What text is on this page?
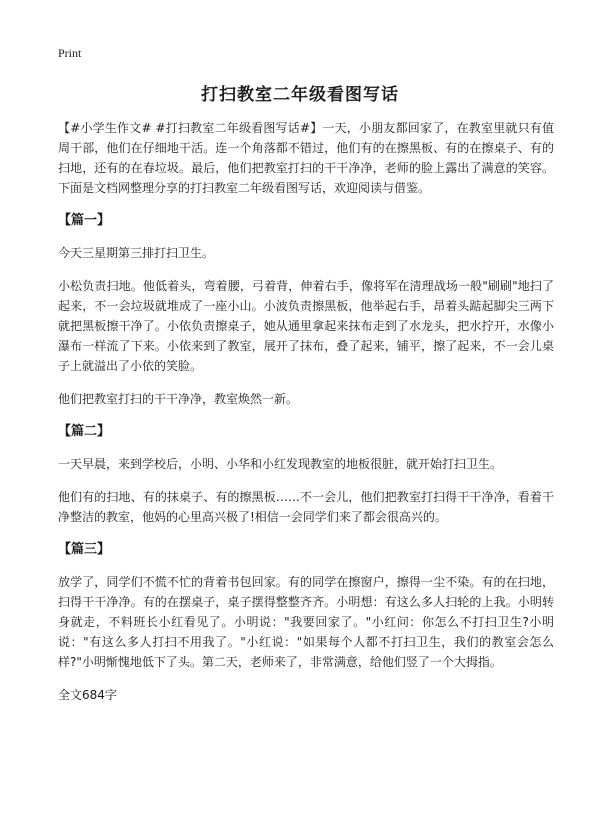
Print
打扫教室二年级看图写话

【#小学生作文# #打扫教室二年级看图写话#】一天，小朋友都回家了，在教室里就只有值周干部，他们在仔细地干活。连一个角落都不错过，他们有的在擦黑板、有的在擦桌子、有的扫地，还有的在春垃圾。最后，他们把教室打扫的干干净净，老师的脸上露出了满意的笑容。下面是文档网整理分享的打扫教室二年级看图写话，欢迎阅读与借鉴。

【篇一】

今天三星期第三排打扫卫生。

小松负责扫地。他低着头，弯着腰，弓着背，伸着右手，像将军在清理战场一般"刷刷"地扫了起来，不一会垃圾就堆成了一座小山。小波负责擦黑板，他举起右手，昂着头踮起脚尖三两下就把黑板擦干净了。小依负责擦桌子，她从通里拿起来抹布走到了水龙头，把水拧开，水像小瀑布一样流了下来。小依来到了教室，展开了抹布，叠了起来，铺平，擦了起来，不一会儿桌子上就溢出了小依的笑脸。

他们把教室打扫的干干净净，教室焕然一新。

【篇二】

一天早晨，来到学校后，小明、小华和小红发现教室的地板很脏，就开始打扫卫生。

他们有的扫地、有的抹桌子、有的擦黑板……不一会儿，他们把教室打扫得干干净净，看着干净整洁的教室，他妈的心里高兴极了!相信一会同学们来了都会很高兴的。

【篇三】

放学了，同学们不慌不忙的背着书包回家。有的同学在擦窗户，擦得一尘不染。有的在扫地，扫得干干净净。有的在摆桌子，桌子摆得整整齐齐。小明想：有这么多人扫轮的上我。小明转身就走，不料班长小红看见了。小明说："我要回家了。"小红问：你怎么不打扫卫生?小明说："有这么多人打扫不用我了。"小红说："如果每个人都不打扫卫生，我们的教室会怎么样?"小明惭愧地低下了头。第二天，老师来了，非常满意，给他们竖了一个大拇指。

全文684字
